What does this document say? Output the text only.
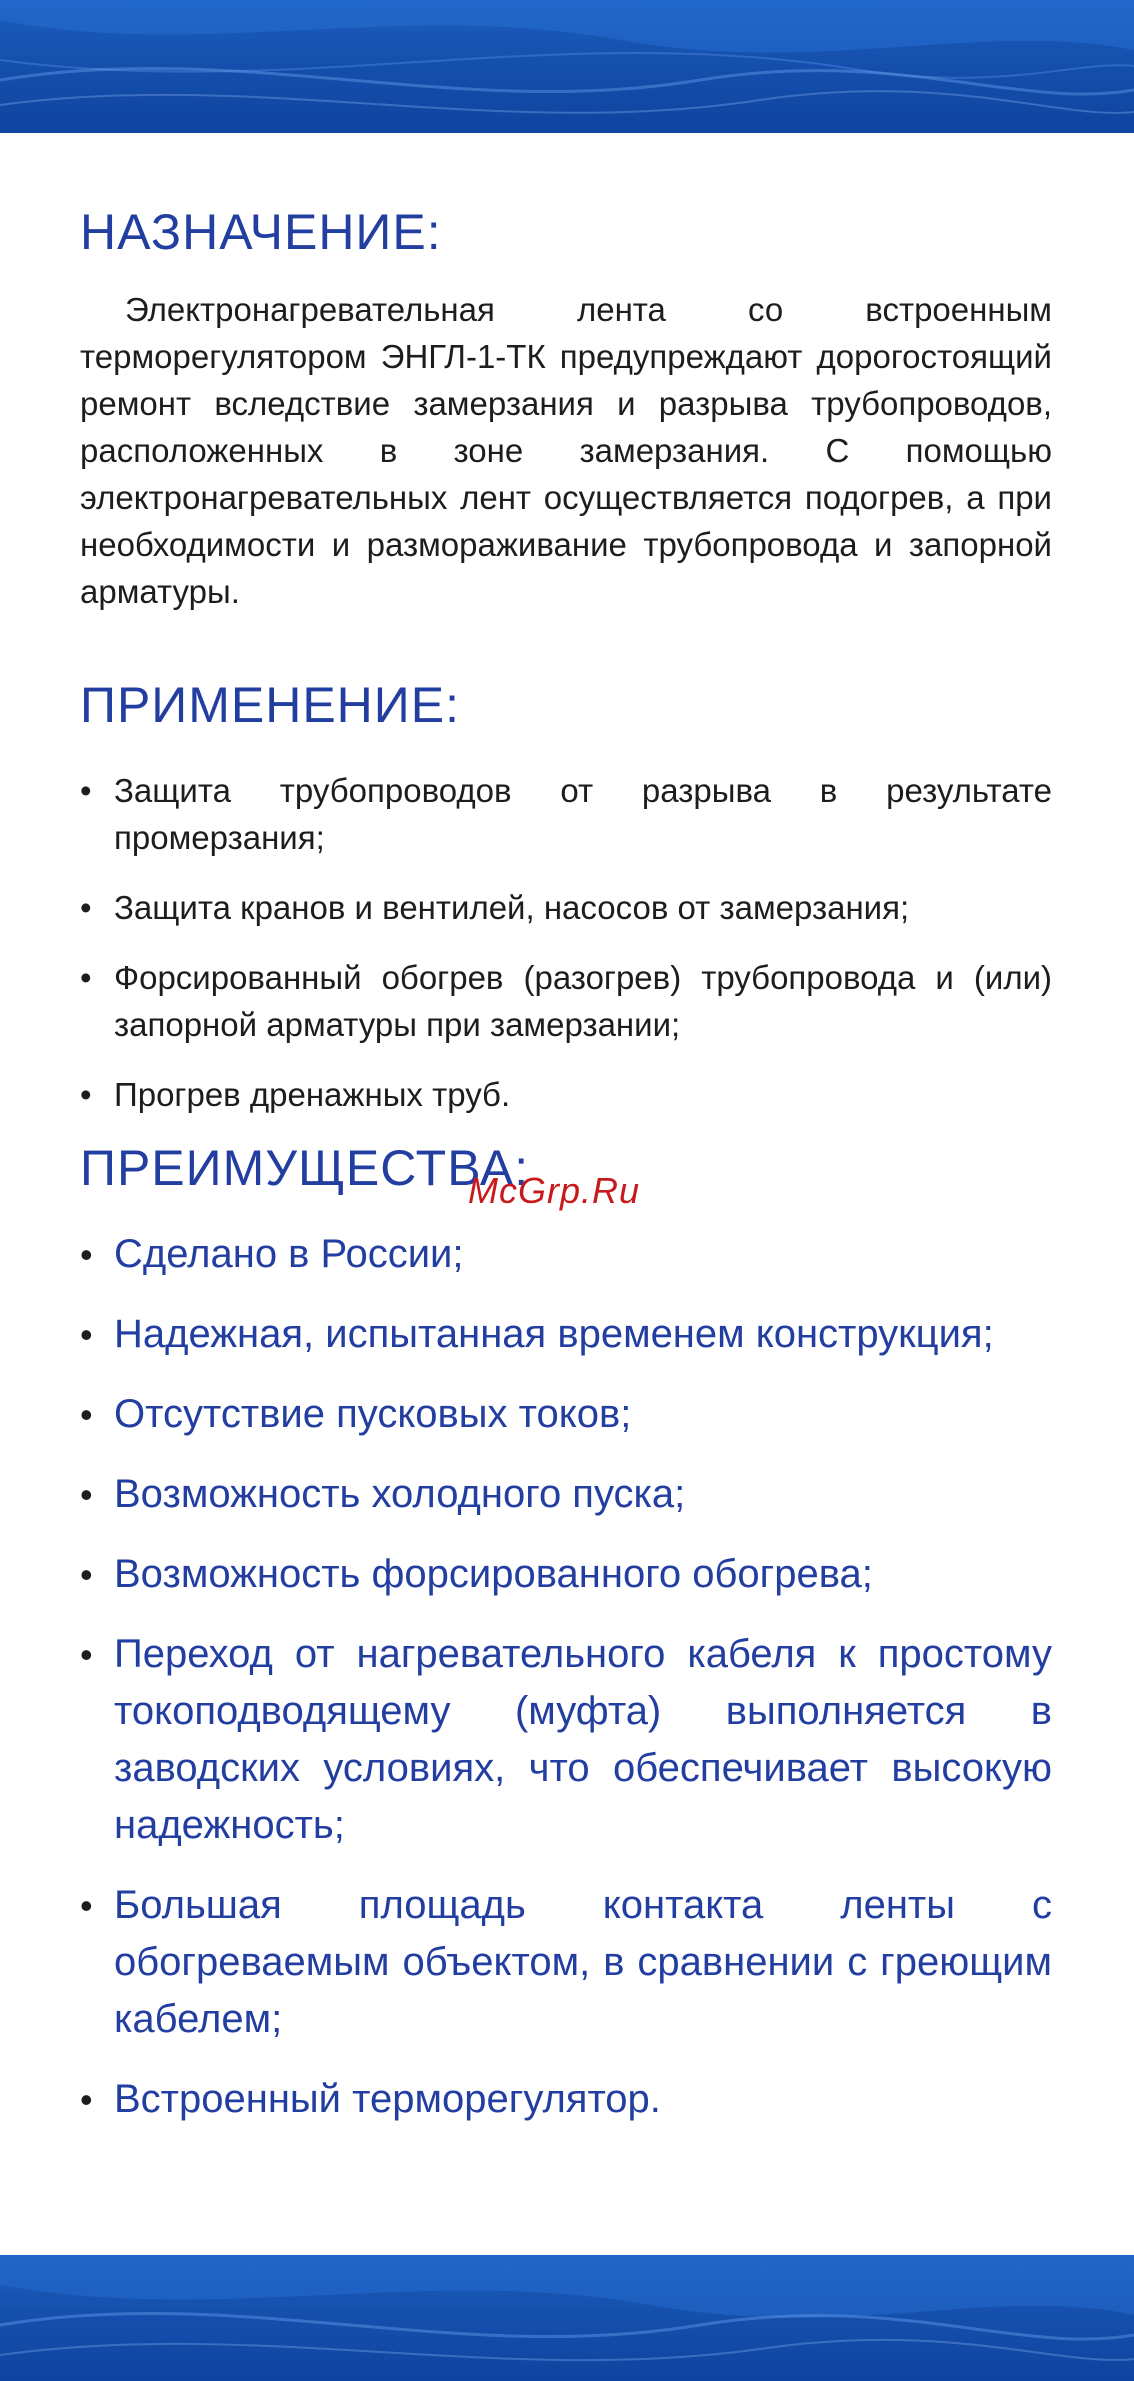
НАЗНАЧЕНИЕ:

Электронагревательная лента со встроенным терморегулятором ЭНГЛ-1-ТК предупреждают дорогостоящий ремонт вследствие замерзания и разрыва трубопроводов, расположенных в зоне замерзания. С помощью электронагревательных лент осуществляется подогрев, а при необходимости и размораживание трубопровода и запорной арматуры.

ПРИМЕНЕНИЕ:
• Защита трубопроводов от разрыва в результате промерзания;
• Защита кранов и вентилей, насосов от замерзания;
• Форсированный обогрев (разогрев) трубопровода и (или) запорной арматуры при замерзании;
• Прогрев дренажных труб.
ПРЕИМУЩЕСТВА:
• Сделано в России;
• Надежная, испытанная временем конструкция;
• Отсутствие пусковых токов;
• Возможность холодного пуска;
• Возможность форсированного обогрева;
• Переход от нагревательного кабеля к простому токоподводящему (муфта) выполняется в заводских условиях, что обеспечивает высокую надежность;
• Большая площадь контакта ленты с обогреваемым объектом, в сравнении с греющим кабелем;
• Встроенный терморегулятор.
McGrp.Ru
